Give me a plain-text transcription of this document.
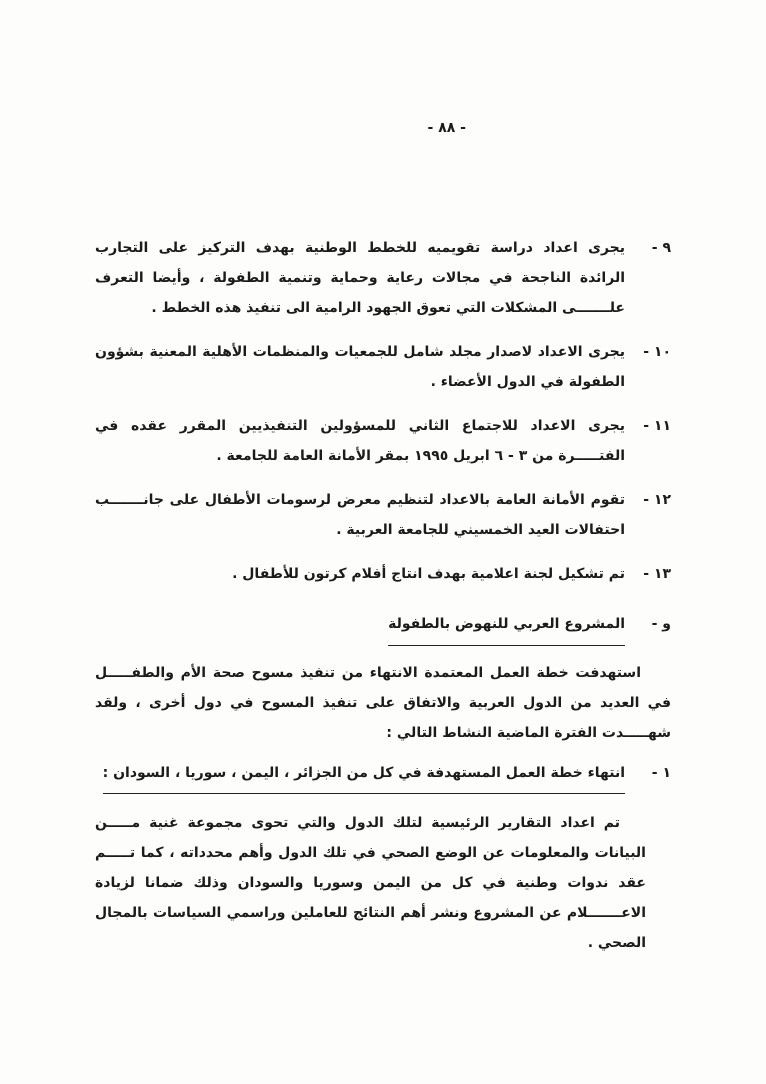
- ٨٨ -
٩ -

يجرى اعداد دراسة تقويميه للخطط الوطنية بهدف التركيز على التجارب الرائدة الناجحة في مجالات رعاية وحماية وتنمية الطفولة ، وأيضا التعرف علـــــــى المشكلات التي تعوق الجهود الرامية الى تنفيذ هذه الخطط .

١٠ -

يجرى الاعداد لاصدار مجلد شامل للجمعيات والمنظمات الأهلية المعنية بشؤون الطفولة في الدول الأعضاء .

١١ -

يجرى الاعداد للاجتماع الثاني للمسؤولين التنفيذيين المقرر عقده في الفتـــــرة من ٣ - ٦ ابريل ١٩٩٥ بمقر الأمانة العامة للجامعة .

١٢ -

تقوم الأمانة العامة بالاعداد لتنظيم معرض لرسومات الأطفال على جانـــــــب احتفالات العيد الخمسيني للجامعة العربية .

١٣ -

تم تشكيل لجنة اعلامية بهدف انتاج أفلام كرتون للأطفال .

و -
المشروع العربي للنهوض بالطفولة

استهدفت خطة العمل المعتمدة الانتهاء من تنفيذ مسوح صحة الأم والطفـــــل في العديد من الدول العربية والاتفاق على تنفيذ المسوح في دول أخرى ، ولقد شهـــــدت الفترة الماضية النشاط التالي :

١ -
انتهاء خطة العمل المستهدفة في كل من الجزائر ، اليمن ، سوريا ، السودان :

تم اعداد التقارير الرئيسية لتلك الدول والتي تحوى مجموعة غنية مـــــن البيانات والمعلومات عن الوضع الصحي في تلك الدول وأهم محدداته ، كما تـــــم عقد ندوات وطنية في كل من اليمن وسوريا والسودان وذلك ضمانا لزيادة الاعـــــــلام عن المشروع ونشر أهم النتائج للعاملين وراسمي السياسات بالمجال الصحي .
